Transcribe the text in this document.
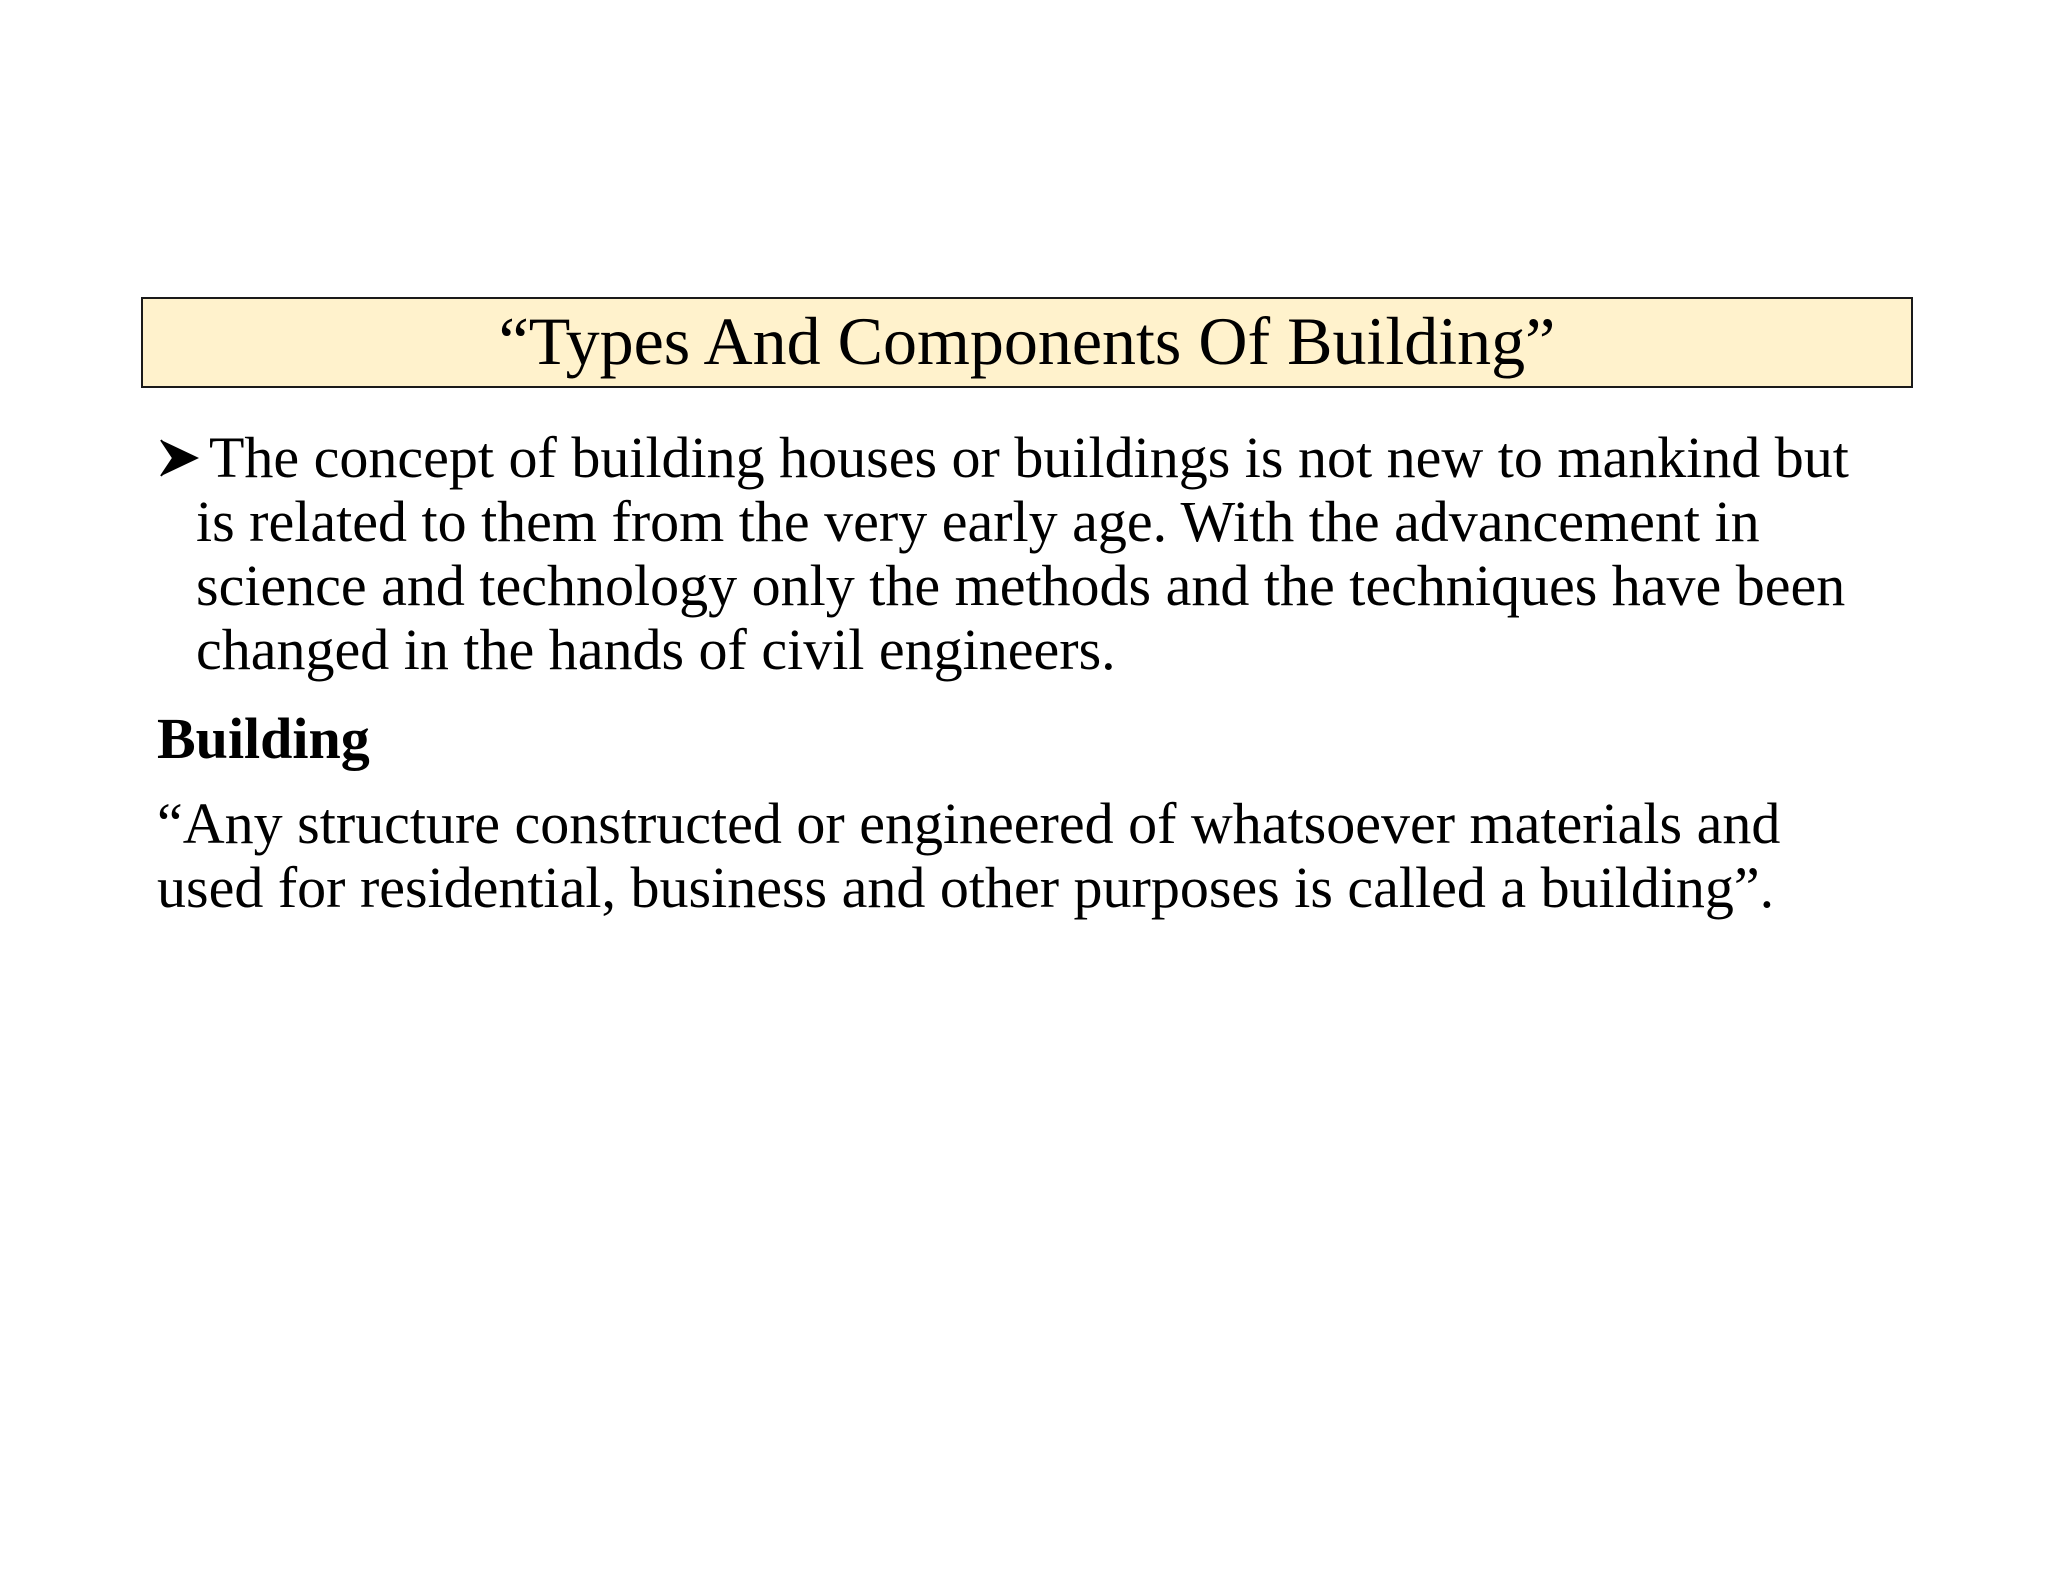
“Types And Components Of Building”
The concept of building houses or buildings is not new to mankind but
is related to them from the very early age. With the advancement in
science and technology only the methods and the techniques have been
changed in the hands of civil engineers.
Building
“Any structure constructed or engineered of whatsoever materials and
used for residential, business and other purposes is called a building”.
